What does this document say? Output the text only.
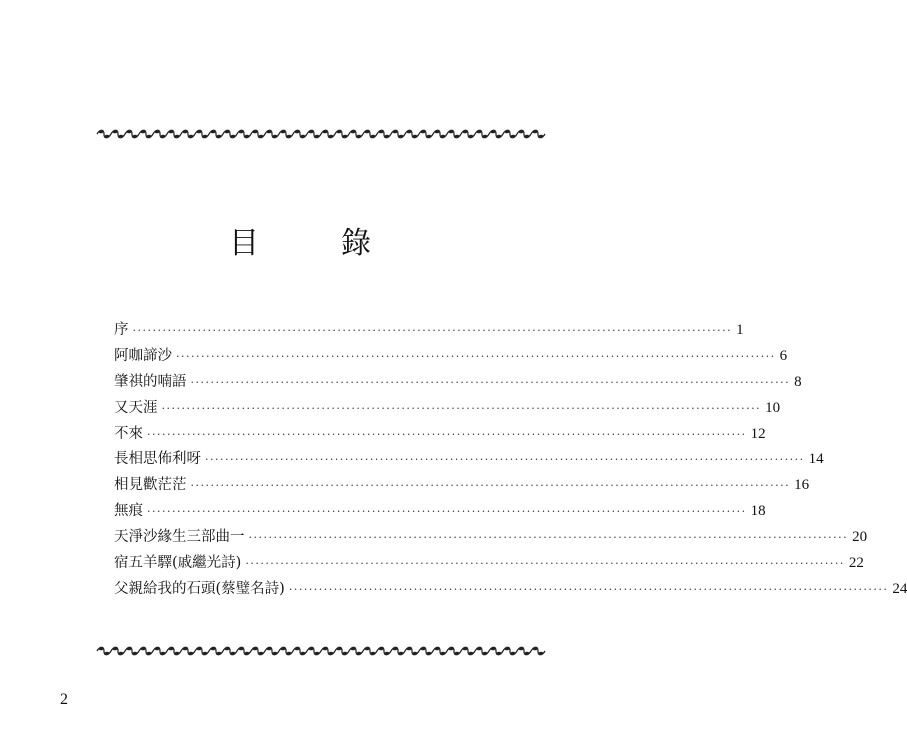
目　錄
序 ························································································································ 1
阿咖諦沙 ························································································································ 6
肇祺的喃語 ························································································································ 8
又天涯 ························································································································ 10
不來 ························································································································ 12
長相思佈利呀 ························································································································ 14
相見歡茫茫 ························································································································ 16
無痕 ························································································································ 18
天淨沙緣生三部曲一 ························································································································ 20
宿五羊驛(戚繼光詩) ························································································································ 22
父親給我的石頭(蔡璧名詩) ························································································································ 24
2
